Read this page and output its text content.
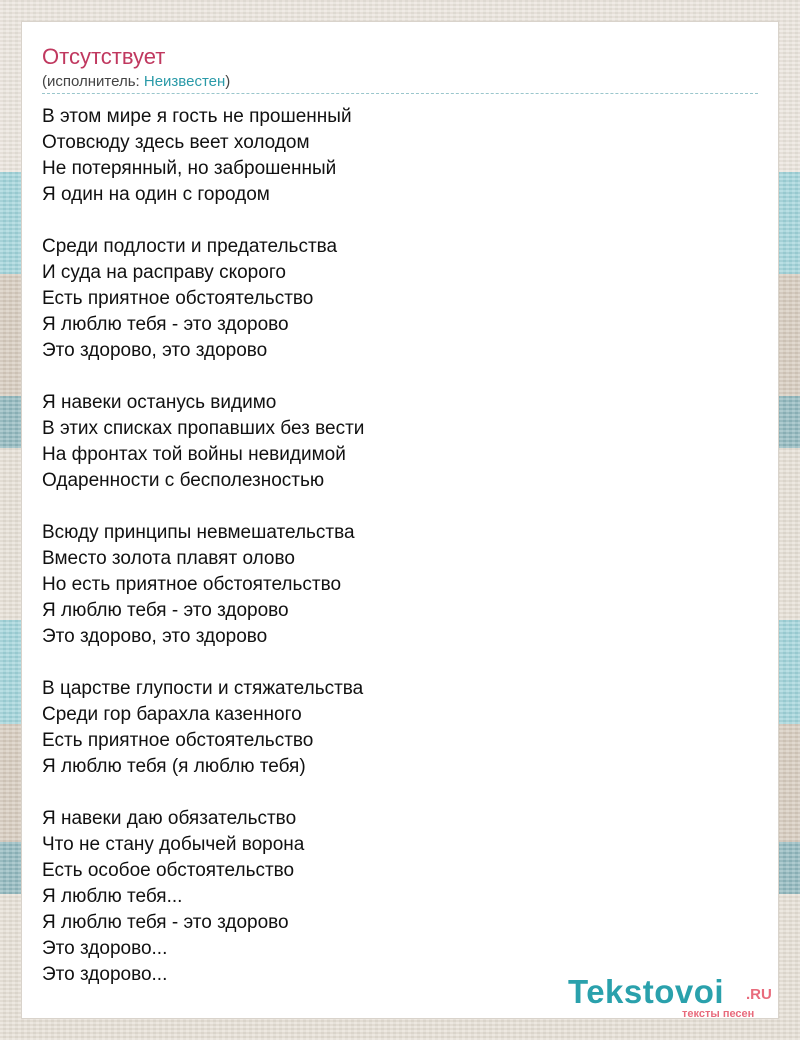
Отсутствует
(исполнитель: Неизвестен)
В этом мире я гость не прошенный
Отовсюду здесь веет холодом
Не потерянный, но заброшенный
Я один на один с городом
Среди подлости и предательства
И суда на расправу скорого
Есть приятное обстоятельство
Я люблю тебя - это здорово
Это здорово, это здорово
Я навеки останусь видимо
В этих списках пропавших без вести
На фронтах той войны невидимой
Одаренности с бесполезностью
Всюду принципы невмешательства
Вместо золота плавят олово
Но есть приятное обстоятельство
Я люблю тебя - это здорово
Это здорово, это здорово
В царстве глупости и стяжательства
Среди гор барахла казенного
Есть приятное обстоятельство
Я люблю тебя (я люблю тебя)
Я навеки даю обязательство
Что не стану добычей ворона
Есть особое обстоятельство
Я люблю тебя...
Я люблю тебя - это здорово
Это здорово...
Это здорово...	Tekstovoi .RU
тексты песен
